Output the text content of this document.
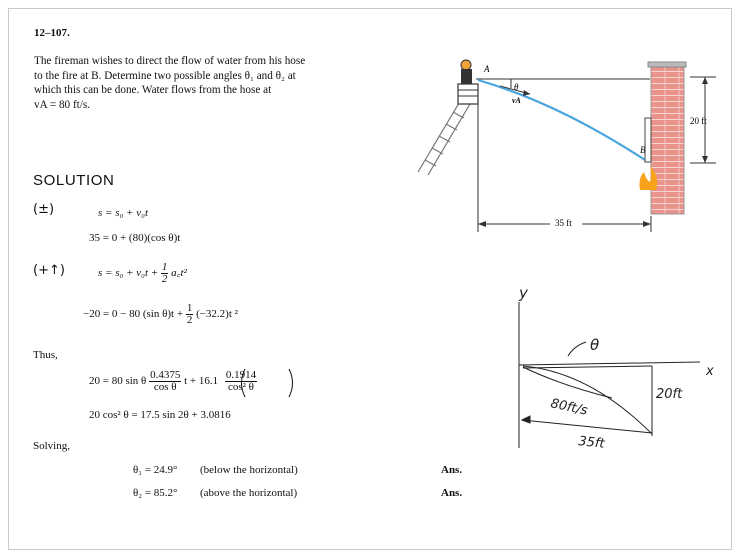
12–107.
The fireman wishes to direct the flow of water from his hose
to the fire at B. Determine two possible angles θ₁ and θ₂ at
which this can be done. Water flows from the hose at
vA = 80 ft/s.
A
B
θ
vA
20 ft
35 ft
y
x
θ
80ft/s
20ft
35ft
SOLUTION
(±)	s = s₀ + v₀t
35 = 0 + (80)(cos θ)t
(+↑)	$s = s_0 + v_0t + \frac{1}{2}$ a꜀t²
−20 = 0 − 80 (sin $\theta)t + \frac{1}{2} (-32.2)t$ ²
Thus,
20 = 80 sin θ $\frac{0.4375}{\text{cos θ}}$ $t + 16.1 \frac{0.1914}{\text{cos² θ}}$
20 cos² θ = 17.5 sin 2θ + 3.0816
Solving,
θ₁ = 24.9° (below the horizontal)	Ans.
θ₂ = 85.2° (above the horizontal)	Ans.
